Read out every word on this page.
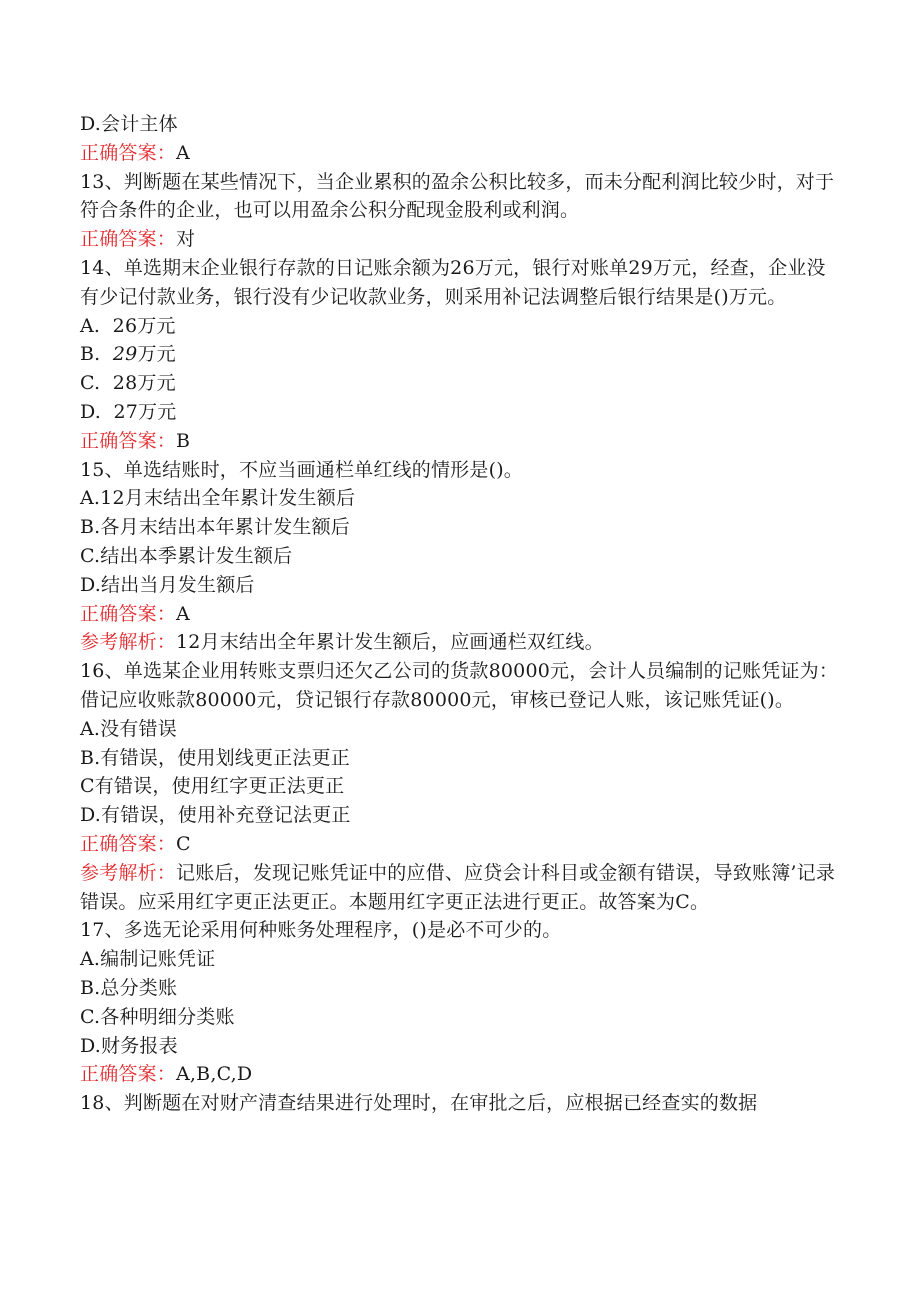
D.会计主体
正确答案：A
13、判断题在某些情况下，当企业累积的盈余公积比较多，而未分配利润比较少时，对于符合条件的企业，也可以用盈余公积分配现金股利或利润。
正确答案：对
14、单选期末企业银行存款的日记账余额为26万元，银行对账单29万元，经查，企业没有少记付款业务，银行没有少记收款业务，则采用补记法调整后银行结果是()万元。
A. 26万元
B. 29万元
C. 28万元
D. 27万元
正确答案：B
15、单选结账时，不应当画通栏单红线的情形是()。
A.12月末结出全年累计发生额后
B.各月末结出本年累计发生额后
C.结出本季累计发生额后
D.结出当月发生额后
正确答案：A
参考解析：12月末结出全年累计发生额后，应画通栏双红线。
16、单选某企业用转账支票归还欠乙公司的货款80000元，会计人员编制的记账凭证为：借记应收账款80000元，贷记银行存款80000元，审核已登记人账，该记账凭证()。
A.没有错误
B.有错误，使用划线更正法更正
C有错误，使用红字更正法更正
D.有错误，使用补充登记法更正
正确答案：C
参考解析：记账后，发现记账凭证中的应借、应贷会计科目或金额有错误，导致账簿’记录错误。应采用红字更正法更正。本题用红字更正法进行更正。故答案为C。
17、多选无论采用何种账务处理程序，()是必不可少的。
A.编制记账凭证
B.总分类账
C.各种明细分类账
D.财务报表
正确答案：A,B,C,D
18、判断题在对财产清查结果进行处理时，在审批之后，应根据已经查实的数据
